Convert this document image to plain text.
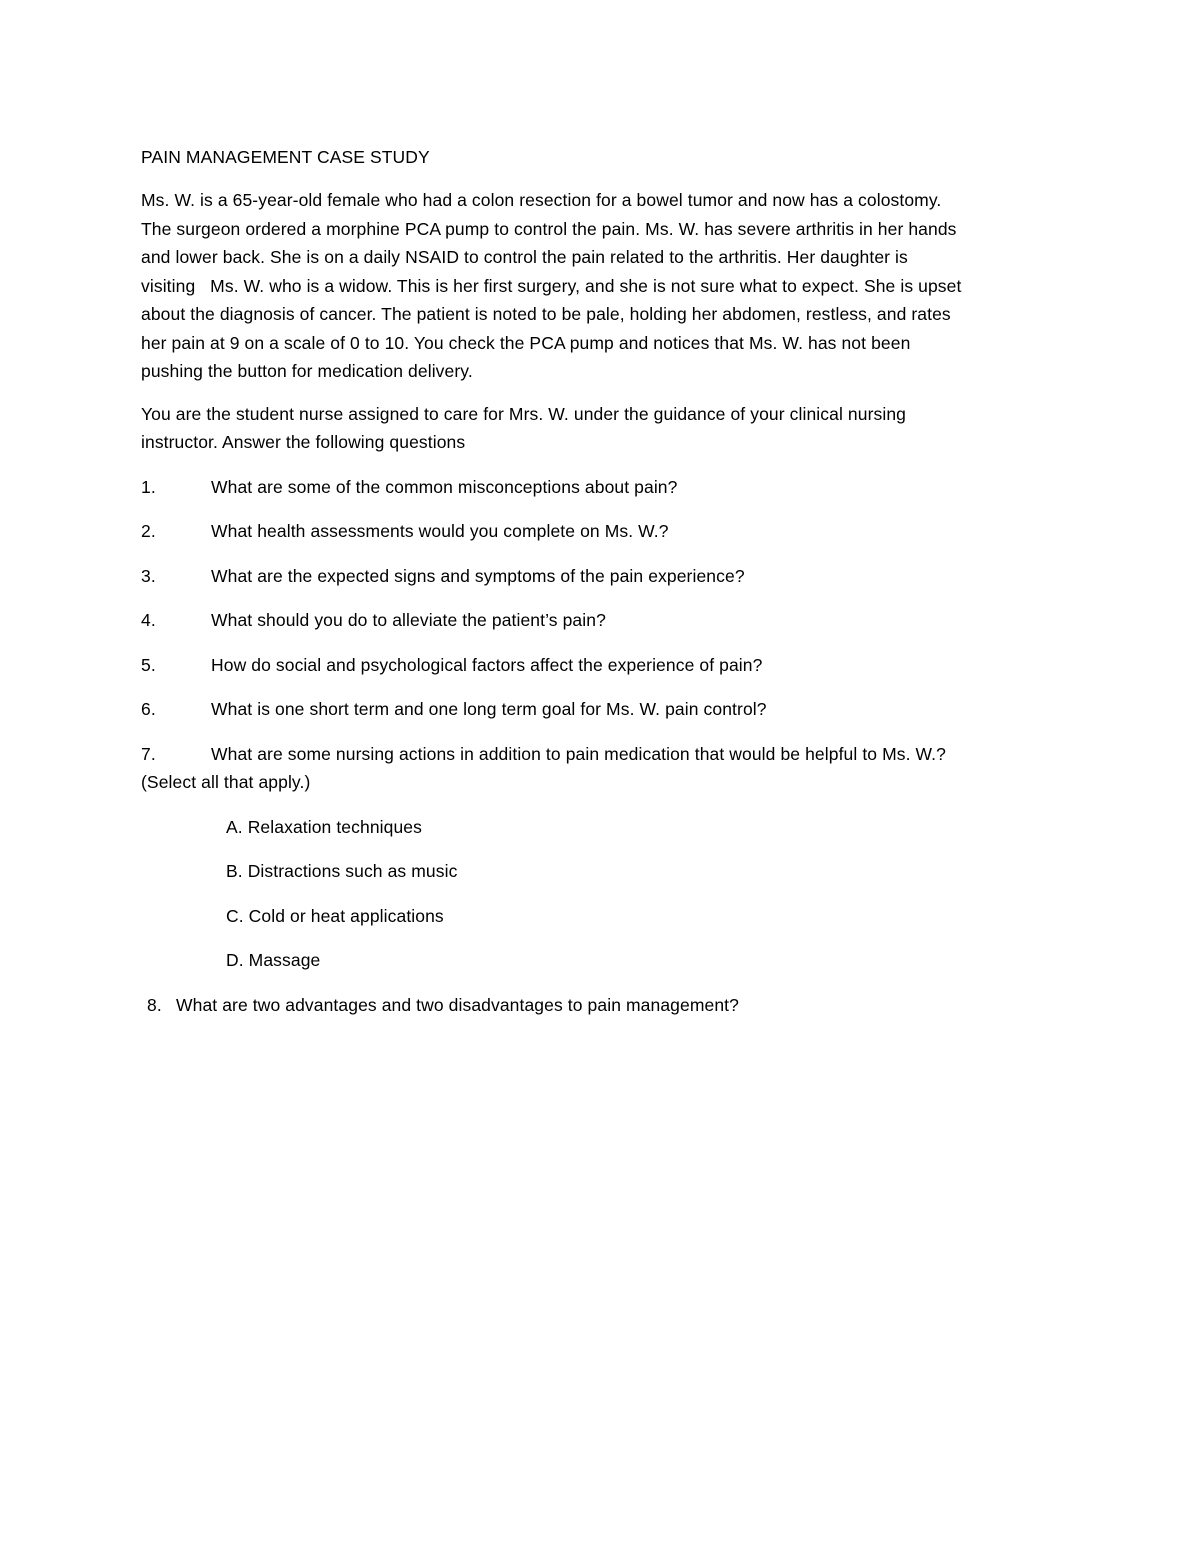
PAIN MANAGEMENT CASE STUDY

Ms. W. is a 65-year-old female who had a colon resection for a bowel tumor and now has a colostomy.
The surgeon ordered a morphine PCA pump to control the pain. Ms. W. has severe arthritis in her hands
and lower back. She is on a daily NSAID to control the pain related to the arthritis. Her daughter is
visiting   Ms. W. who is a widow. This is her first surgery, and she is not sure what to expect. She is upset
about the diagnosis of cancer. The patient is noted to be pale, holding her abdomen, restless, and rates
her pain at 9 on a scale of 0 to 10. You check the PCA pump and notices that Ms. W. has not been
pushing the button for medication delivery.

You are the student nurse assigned to care for Mrs. W. under the guidance of your clinical nursing
instructor. Answer the following questions

1.	What are some of the common misconceptions about pain?
2.	What health assessments would you complete on Ms. W.?
3.	What are the expected signs and symptoms of the pain experience?
4.	What should you do to alleviate the patient’s pain?
5.	How do social and psychological factors affect the experience of pain?
6.	What is one short term and one long term goal for Ms. W. pain control?
7.	What are some nursing actions in addition to pain medication that would be helpful to Ms. W.?
(Select all that apply.)
A. Relaxation techniques
B. Distractions such as music
C. Cold or heat applications
D. Massage

8. What are two advantages and two disadvantages to pain management?
